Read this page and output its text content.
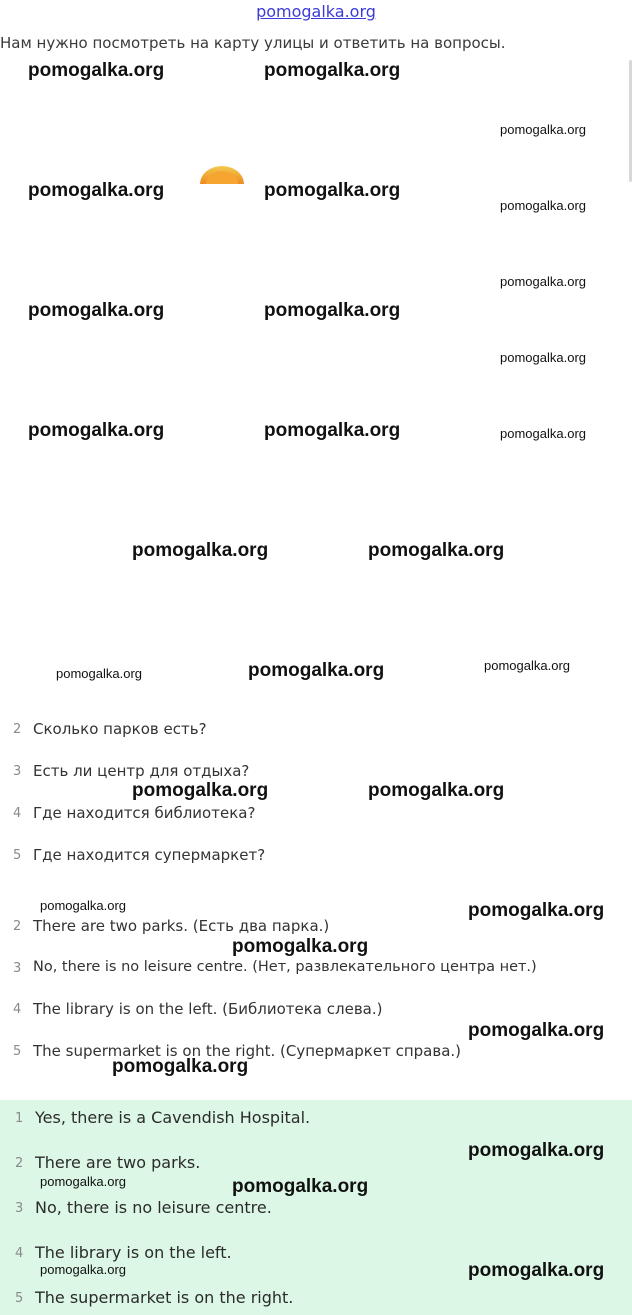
pomogalka.org
Нам нужно посмотреть на карту улицы и ответить на вопросы.
pomogalka.org	pomogalka.org
pomogalka.org
pomogalka.org	pomogalka.org
pomogalka.org
pomogalka.org
pomogalka.org	pomogalka.org
pomogalka.org
pomogalka.org	pomogalka.org	pomogalka.org
pomogalka.org	pomogalka.org
pomogalka.org	pomogalka.org	pomogalka.org
2 Сколько парков есть?
3 Есть ли центр для отдыха?
4 Где находится библиотека?
5 Где находится супермаркет?
pomogalka.org	pomogalka.org
2 There are two parks. (Есть два парка.)
3 No, there is no leisure centre. (Нет, развлекательного центра нет.)
4 The library is on the left. (Библиотека слева.)
5 The supermarket is on the right. (Супермаркет справа.)
pomogalka.org	pomogalka.org
pomogalka.org
pomogalka.org
pomogalka.org
1 Yes, there is a Cavendish Hospital.
2 There are two parks.
3 No, there is no leisure centre.
4 The library is on the left.
5 The supermarket is on the right.
pomogalka.org
pomogalka.org	pomogalka.org
pomogalka.org	pomogalka.org
